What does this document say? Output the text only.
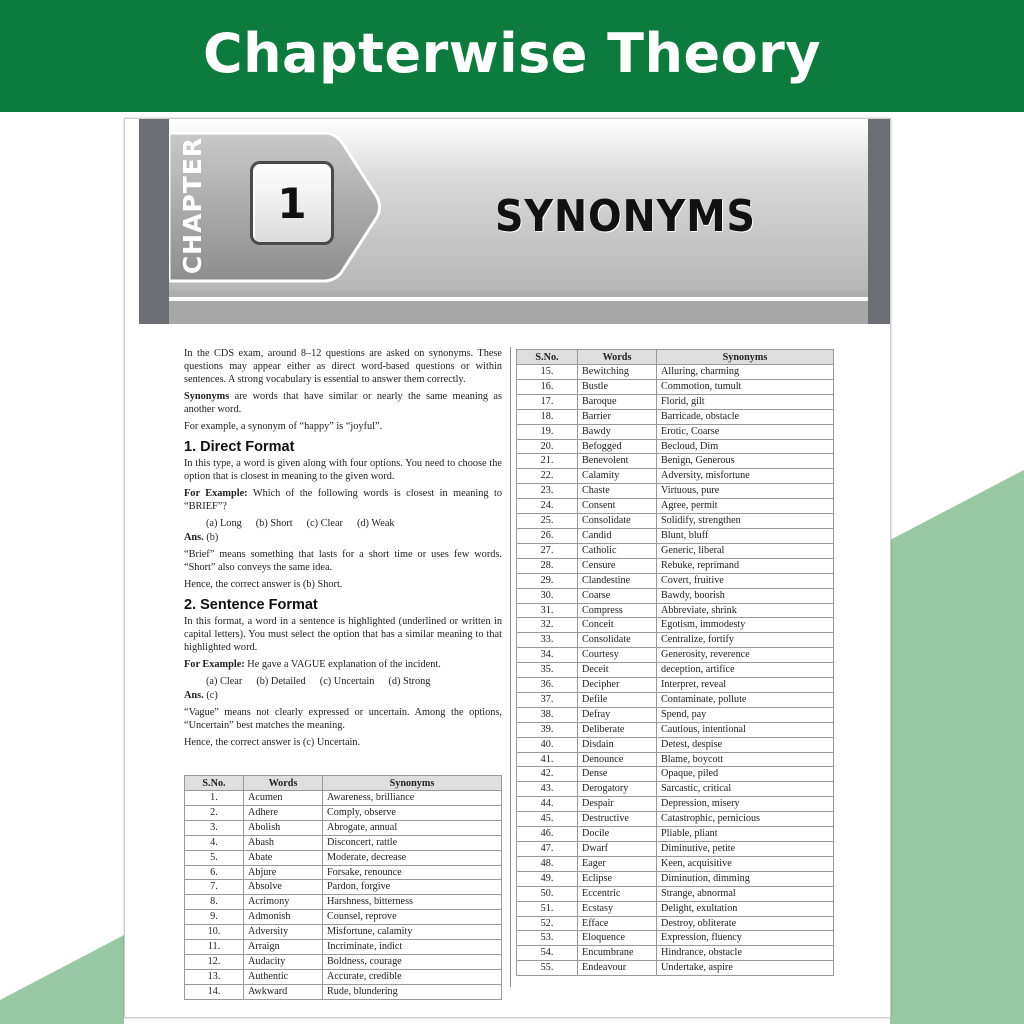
Chapterwise Theory
CHAPTER 1	SYNONYMS

In the CDS exam, around 8–12 questions are asked on synonyms. These questions may appear either as direct word-based questions or within sentences. A strong vocabulary is essential to answer them correctly.

Synonyms are words that have similar or nearly the same meaning as another word.

For example, a synonym of “happy” is “joyful”.

1. Direct Format

In this type, a word is given along with four options. You need to choose the option that is closest in meaning to the given word.

For Example: Which of the following words is closest in meaning to “BRIEF”?

(a) Long (b) Short (c) Clear (d) Weak

Ans. (b)

“Brief” means something that lasts for a short time or uses few words. “Short” also conveys the same idea.

Hence, the correct answer is (b) Short.

2. Sentence Format

In this format, a word in a sentence is highlighted (underlined or written in capital letters). You must select the option that has a similar meaning to that highlighted word.

For Example: He gave a VAGUE explanation of the incident.

(a) Clear (b) Detailed (c) Uncertain (d) Strong

Ans. (c)

“Vague” means not clearly expressed or uncertain. Among the options, “Uncertain” best matches the meaning.

Hence, the correct answer is (c) Uncertain.

S.No.	Words	Synonyms
1.	Acumen	Awareness, brilliance
2.	Adhere	Comply, observe
3.	Abolish	Abrogate, annual
4.	Abash	Disconcert, rattle
5.	Abate	Moderate, decrease
6.	Abjure	Forsake, renounce
7.	Absolve	Pardon, forgive
8.	Acrimony	Harshness, bitterness
9.	Admonish	Counsel, reprove
10.	Adversity	Misfortune, calamity
11.	Arraign	Incriminate, indict
12.	Audacity	Boldness, courage
13.	Authentic	Accurate, credible
14.	Awkward	Rude, blundering
S.No.	Words	Synonyms
15.	Bewitching	Alluring, charming
16.	Bustle	Commotion, tumult
17.	Baroque	Florid, gilt
18.	Barrier	Barricade, obstacle
19.	Bawdy	Erotic, Coarse
20.	Befogged	Becloud, Dim
21.	Benevolent	Benign, Generous
22.	Calamity	Adversity, misfortune
23.	Chaste	Virtuous, pure
24.	Consent	Agree, permit
25.	Consolidate	Solidify, strengthen
26.	Candid	Blunt, bluff
27.	Catholic	Generic, liberal
28.	Censure	Rebuke, reprimand
29.	Clandestine	Covert, fruitive
30.	Coarse	Bawdy, boorish
31.	Compress	Abbreviate, shrink
32.	Conceit	Egotism, immodesty
33.	Consolidate	Centralize, fortify
34.	Courtesy	Generosity, reverence
35.	Deceit	deception, artifice
36.	Decipher	Interpret, reveal
37.	Defile	Contaminate, pollute
38.	Defray	Spend, pay
39.	Deliberate	Cautious, intentional
40.	Disdain	Detest, despise
41.	Denounce	Blame, boycott
42.	Dense	Opaque, piled
43.	Derogatory	Sarcastic, critical
44.	Despair	Depression, misery
45.	Destructive	Catastrophic, pernicious
46.	Docile	Pliable, pliant
47.	Dwarf	Diminutive, petite
48.	Eager	Keen, acquisitive
49.	Eclipse	Diminution, dimming
50.	Eccentric	Strange, abnormal
51.	Ecstasy	Delight, exultation
52.	Efface	Destroy, obliterate
53.	Eloquence	Expression, fluency
54.	Encumbrane	Hindrance, obstacle
55.	Endeavour	Undertake, aspire
